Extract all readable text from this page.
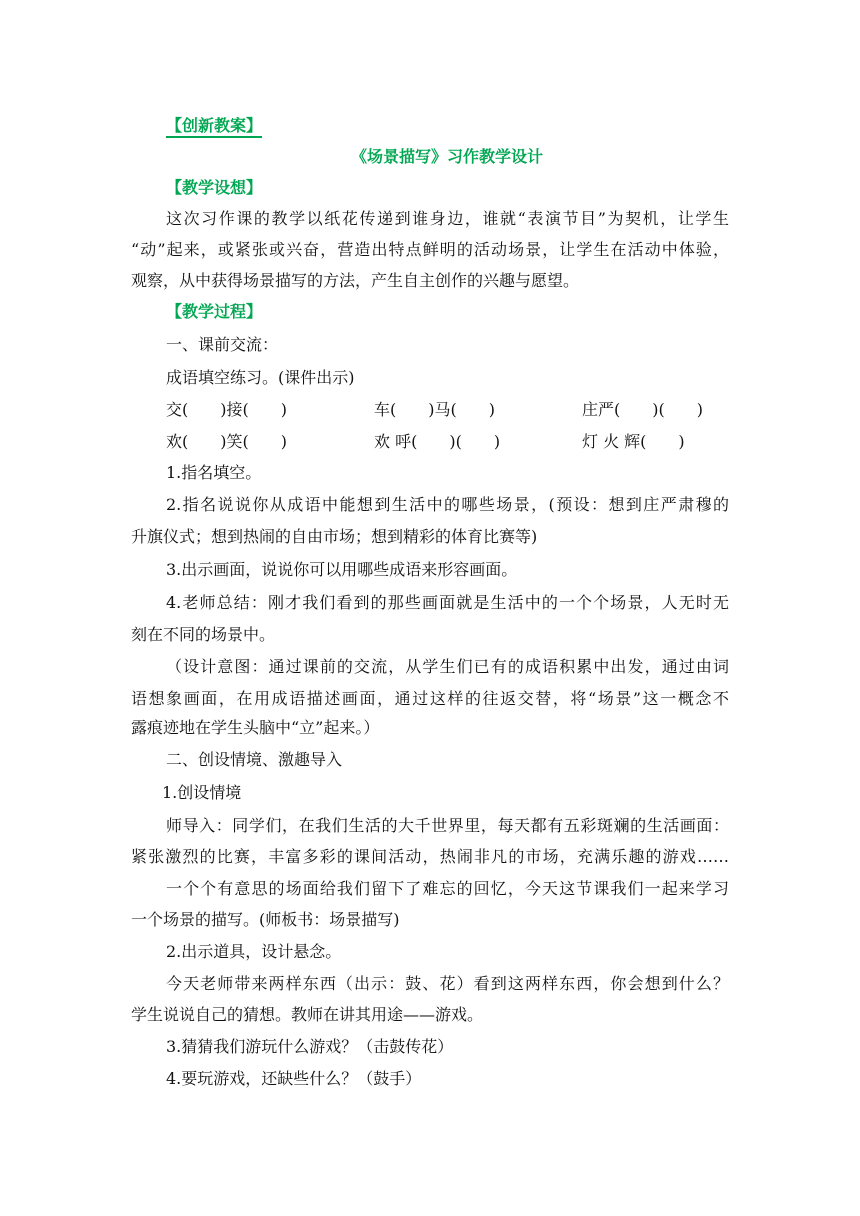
【创新教案】
《场景描写》习作教学设计
【教学设想】
这次习作课的教学以纸花传递到谁身边，谁就“表演节目”为契机，让学生
“动”起来，或紧张或兴奋，营造出特点鲜明的活动场景，让学生在活动中体验，
观察，从中获得场景描写的方法，产生自主创作的兴趣与愿望。
【教学过程】
一、课前交流：
成语填空练习。(课件出示)
交(　　)接(　　)	车(　　)马(　　)	庄严(　　)(　　)
欢(　　)笑(　　)	欢 呼(　　)(　　)	灯 火 辉(　　)
1.指名填空。
2.指名说说你从成语中能想到生活中的哪些场景，(预设：想到庄严肃穆的
升旗仪式；想到热闹的自由市场；想到精彩的体育比赛等)
3.出示画面，说说你可以用哪些成语来形容画面。
4.老师总结：刚才我们看到的那些画面就是生活中的一个个场景，人无时无
刻在不同的场景中。
（设计意图：通过课前的交流，从学生们已有的成语积累中出发，通过由词
语想象画面，在用成语描述画面，通过这样的往返交替，将“场景”这一概念不
露痕迹地在学生头脑中“立”起来。）
二、创设情境、激趣导入
1.创设情境
师导入：同学们，在我们生活的大千世界里，每天都有五彩斑斓的生活画面：
紧张激烈的比赛，丰富多彩的课间活动，热闹非凡的市场，充满乐趣的游戏……
一个个有意思的场面给我们留下了难忘的回忆，今天这节课我们一起来学习
一个场景的描写。(师板书：场景描写)
2.出示道具，设计悬念。
今天老师带来两样东西（出示：鼓、花）看到这两样东西，你会想到什么？
学生说说自己的猜想。教师在讲其用途——游戏。
3.猜猜我们游玩什么游戏？（击鼓传花）
4.要玩游戏，还缺些什么？（鼓手）
